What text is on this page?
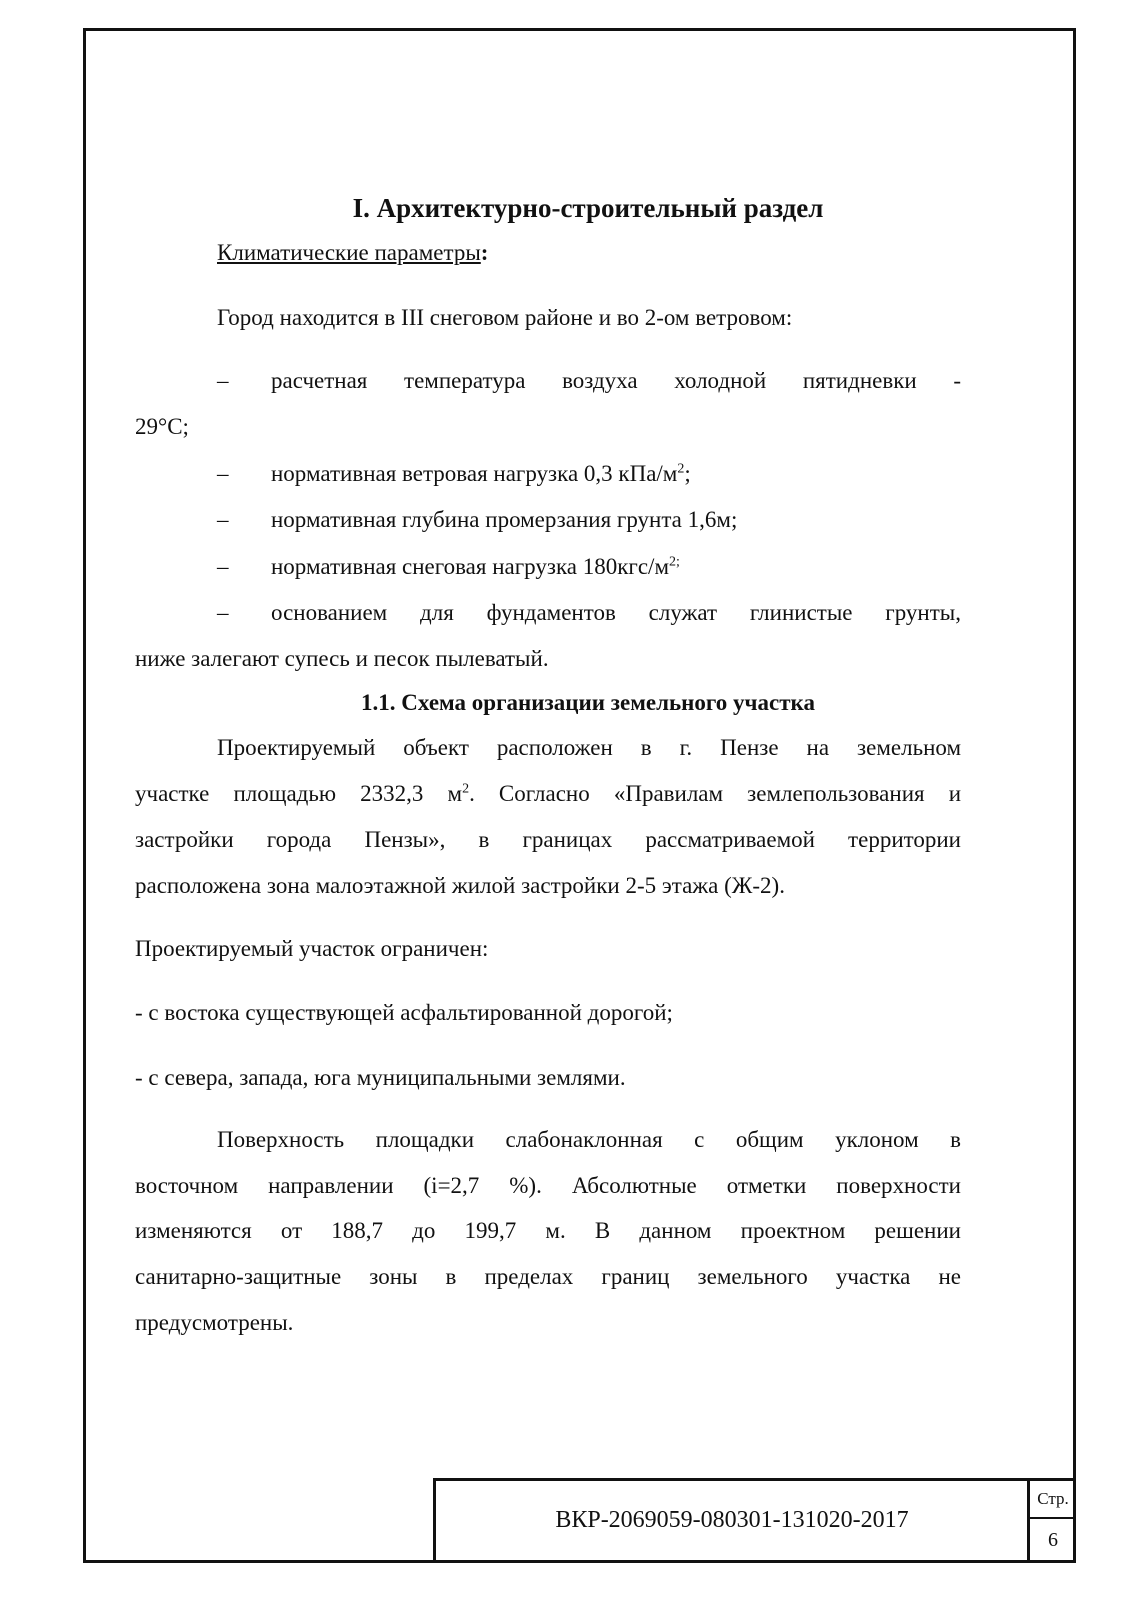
I. Архитектурно-строительный раздел
Климатические параметры:
Город находится в III снеговом районе и во 2-ом ветровом:
– расчетная температура воздуха холодной пятидневки -
29°С;
– нормативная ветровая нагрузка 0,3 кПа/$м^2$;
– нормативная глубина промерзания грунта 1,6м;
– нормативная снеговая нагрузка $180кгс/м^{2;}$
– основанием для фундаментов служат глинистые грунты,
ниже залегают супесь и песок пылеватый.
1.1. Схема организации земельного участка
Проектируемый объект расположен в г. Пензе на земельном
участке площадью 2332,3 $м^2$. Согласно «Правилам землепользования и
застройки города Пензы», в границах рассматриваемой территории
расположена зона малоэтажной жилой застройки 2-5 этажа (Ж-2).
Проектируемый участок ограничен:
- с востока существующей асфальтированной дорогой;
- с севера, запада, юга муниципальными землями.
Поверхность площадки слабонаклонная с общим уклоном в
восточном направлении (i=2,7 %). Абсолютные отметки поверхности
изменяются от 188,7 до 199,7 м. В данном проектном решении
санитарно-защитные зоны в пределах границ земельного участка не
предусмотрены.
ВКР-2069059-080301-131020-2017
Стр.
6
